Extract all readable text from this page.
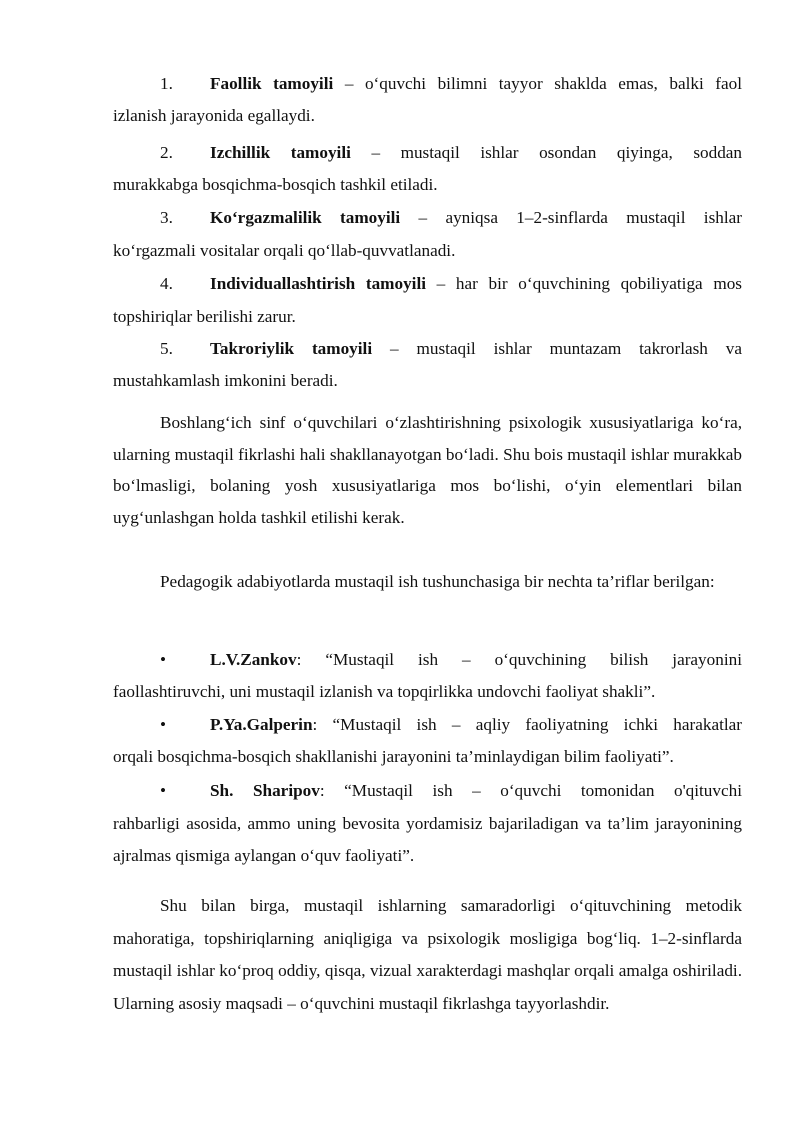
1. Faollik tamoyili – o‘quvchi bilimni tayyor shaklda emas, balki faol
izlanish jarayonida egallaydi.
2. Izchillik tamoyili – mustaqil ishlar osondan qiyinga, soddan
murakkabga bosqichma-bosqich tashkil etiladi.
3. Ko‘rgazmalilik tamoyili – ayniqsa 1–2-sinflarda mustaqil ishlar
ko‘rgazmali vositalar orqali qo‘llab-quvvatlanadi.
4. Individuallashtirish tamoyili – har bir o‘quvchining qobiliyatiga mos
topshiriqlar berilishi zarur.
5. Takroriylik tamoyili – mustaqil ishlar muntazam takrorlash va
mustahkamlash imkonini beradi.

Boshlang‘ich sinf o‘quvchilari o‘zlashtirishning psixologik xususiyatlariga ko‘ra, ularning mustaqil fikrlashi hali shakllanayotgan bo‘ladi. Shu bois mustaqil ishlar murakkab bo‘lmasligi, bolaning yosh xususiyatlariga mos bo‘lishi, o‘yin elementlari bilan uyg‘unlashgan holda tashkil etilishi kerak.

Pedagogik adabiyotlarda mustaqil ish tushunchasiga bir nechta ta’riflar berilgan:

•	L.V.Zankov: “Mustaqil ish – o‘quvchining bilish jarayonini
faollashtiruvchi, uni mustaqil izlanish va topqirlikka undovchi faoliyat shakli”.
•	P.Ya.Galperin: “Mustaqil ish – aqliy faoliyatning ichki harakatlar
orqali bosqichma-bosqich shakllanishi jarayonini ta’minlaydigan bilim faoliyati”.
•	Sh. Sharipov: “Mustaqil ish – o‘quvchi tomonidan o'qituvchi

rahbarligi asosida, ammo uning bevosita yordamisiz bajariladigan va ta’lim jarayonining ajralmas qismiga aylangan o‘quv faoliyati”.

Shu bilan birga, mustaqil ishlarning samaradorligi o‘qituvchining metodik mahoratiga, topshiriqlarning aniqligiga va psixologik mosligiga bog‘liq. 1–2-sinflarda mustaqil ishlar ko‘proq oddiy, qisqa, vizual xarakterdagi mashqlar orqali amalga oshiriladi. Ularning asosiy maqsadi – o‘quvchini mustaqil fikrlashga tayyorlashdir.
